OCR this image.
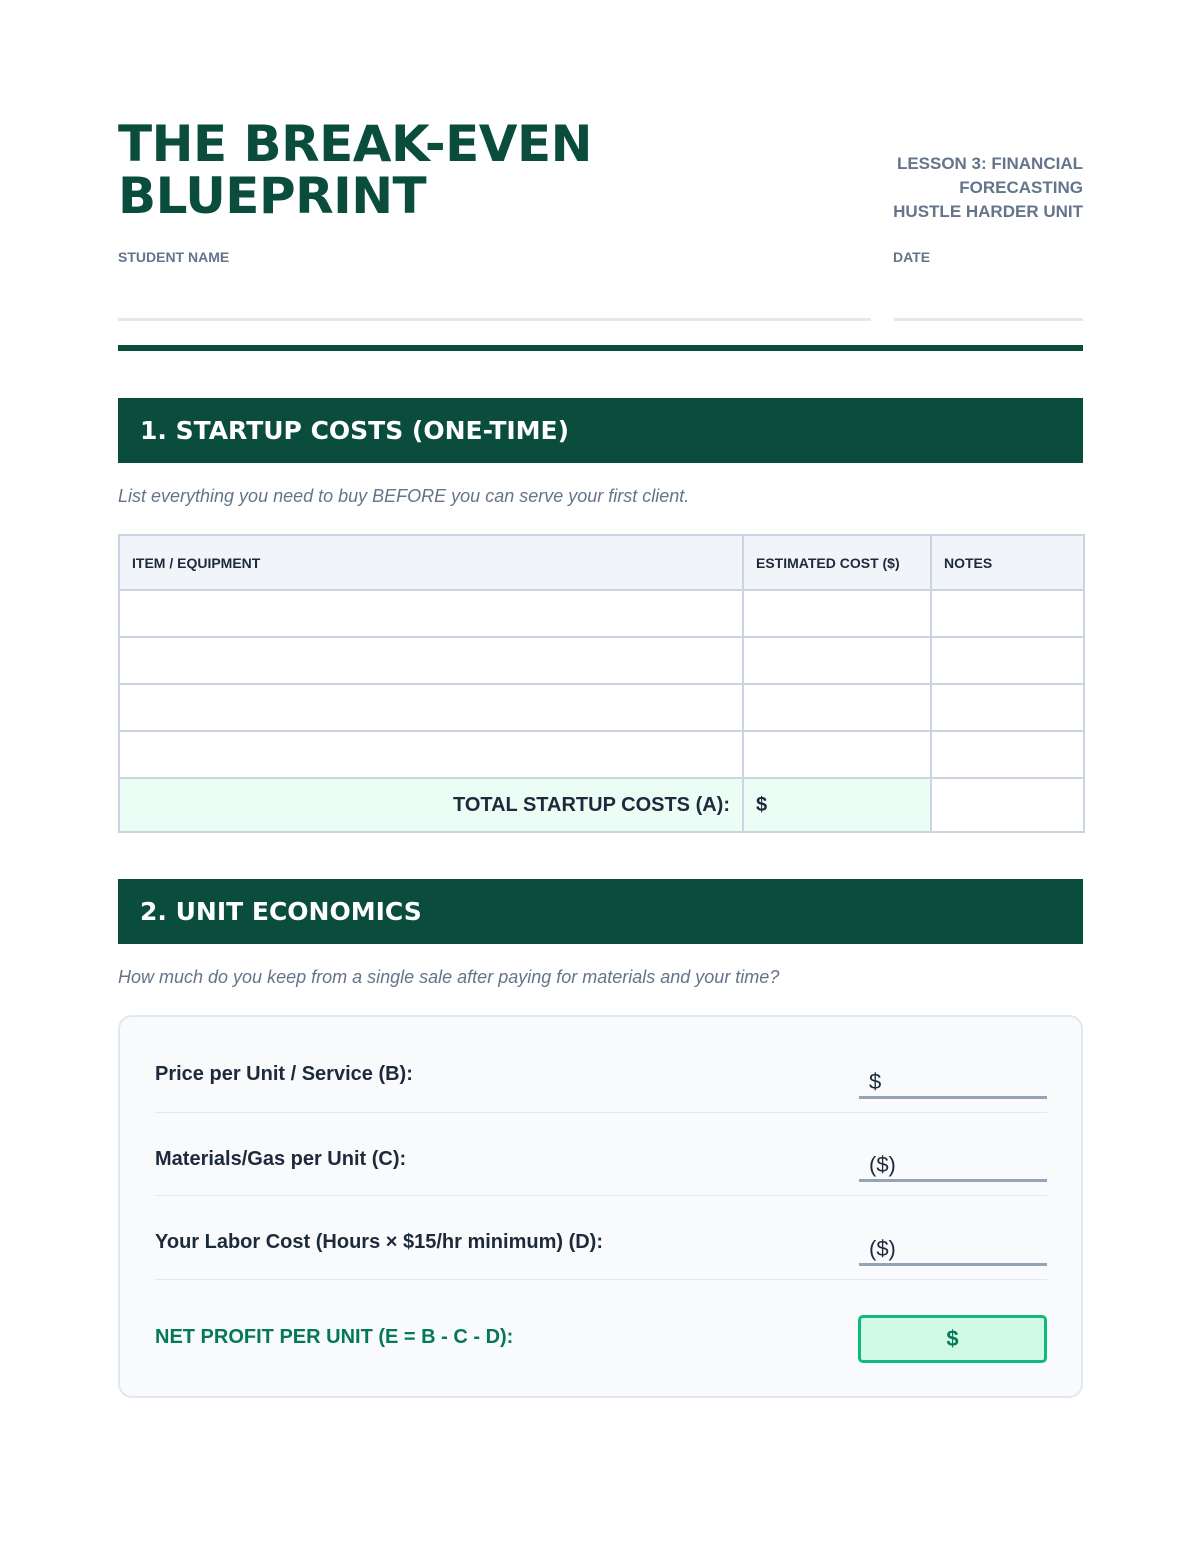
THE BREAK-EVEN
BLUEPRINT
LESSON 3: FINANCIAL
FORECASTING
HUSTLE HARDER UNIT
STUDENT NAME	DATE
1. STARTUP COSTS (ONE-TIME)
List everything you need to buy BEFORE you can serve your first client.
ITEM / EQUIPMENT	ESTIMATED COST ($)	NOTES

TOTAL STARTUP COSTS (A):	$	
2. UNIT ECONOMICS
How much do you keep from a single sale after paying for materials and your time?
Price per Unit / Service (B):	$
Materials/Gas per Unit (C):	($)
Your Labor Cost (Hours × $15/hr minimum) (D):	($)
NET PROFIT PER UNIT (E = B - C - D):	$
